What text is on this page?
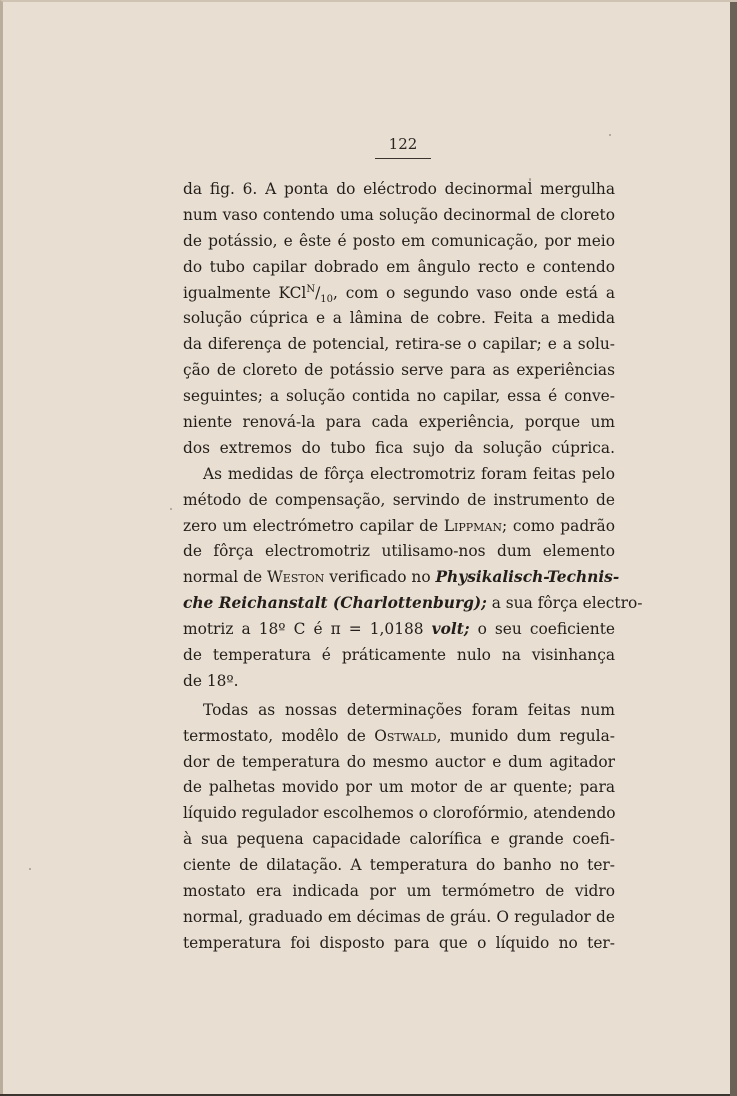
122
da fig. 6. A ponta do eléctrodo decinormal mergulha
num vaso contendo uma solução decinormal de cloreto
de potássio, e êste é posto em comunicação, por meio
do tubo capilar dobrado em ângulo recto e contendo
igualmente $KCl^N/_{10}$, com o segundo vaso onde está a
solução cúprica e a lâmina de cobre. Feita a medida
da diferença de potencial, retira-se o capilar; e a solu-
ção de cloreto de potássio serve para as experiências
seguintes; a solução contida no capilar, essa é conve-
niente renová-la para cada experiência, porque um
dos extremos do tubo fica sujo da solução cúprica.
As medidas de fôrça electromotriz foram feitas pelo
método de compensação, servindo de instrumento de
zero um electrómetro capilar de Lippman; como padrão
de fôrça electromotriz utilisamo-nos dum elemento
normal de Weston verificado no Physikalisch-Technis-
che Reichanstalt (Charlottenburg); a sua fôrça electro-
motriz a 18º C é π = 1,0188 volt; o seu coeficiente
de temperatura é práticamente nulo na visinhança
de 18º.
Todas as nossas determinações foram feitas num
termostato, modêlo de Ostwald, munido dum regula-
dor de temperatura do mesmo auctor e dum agitador
de palhetas movido por um motor de ar quente; para
líquido regulador escolhemos o clorofórmio, atendendo
à sua pequena capacidade calorífica e grande coefi-
ciente de dilatação. A temperatura do banho no ter-
mostato era indicada por um termómetro de vidro
normal, graduado em décimas de gráu. O regulador de
temperatura foi disposto para que o líquido no ter-
